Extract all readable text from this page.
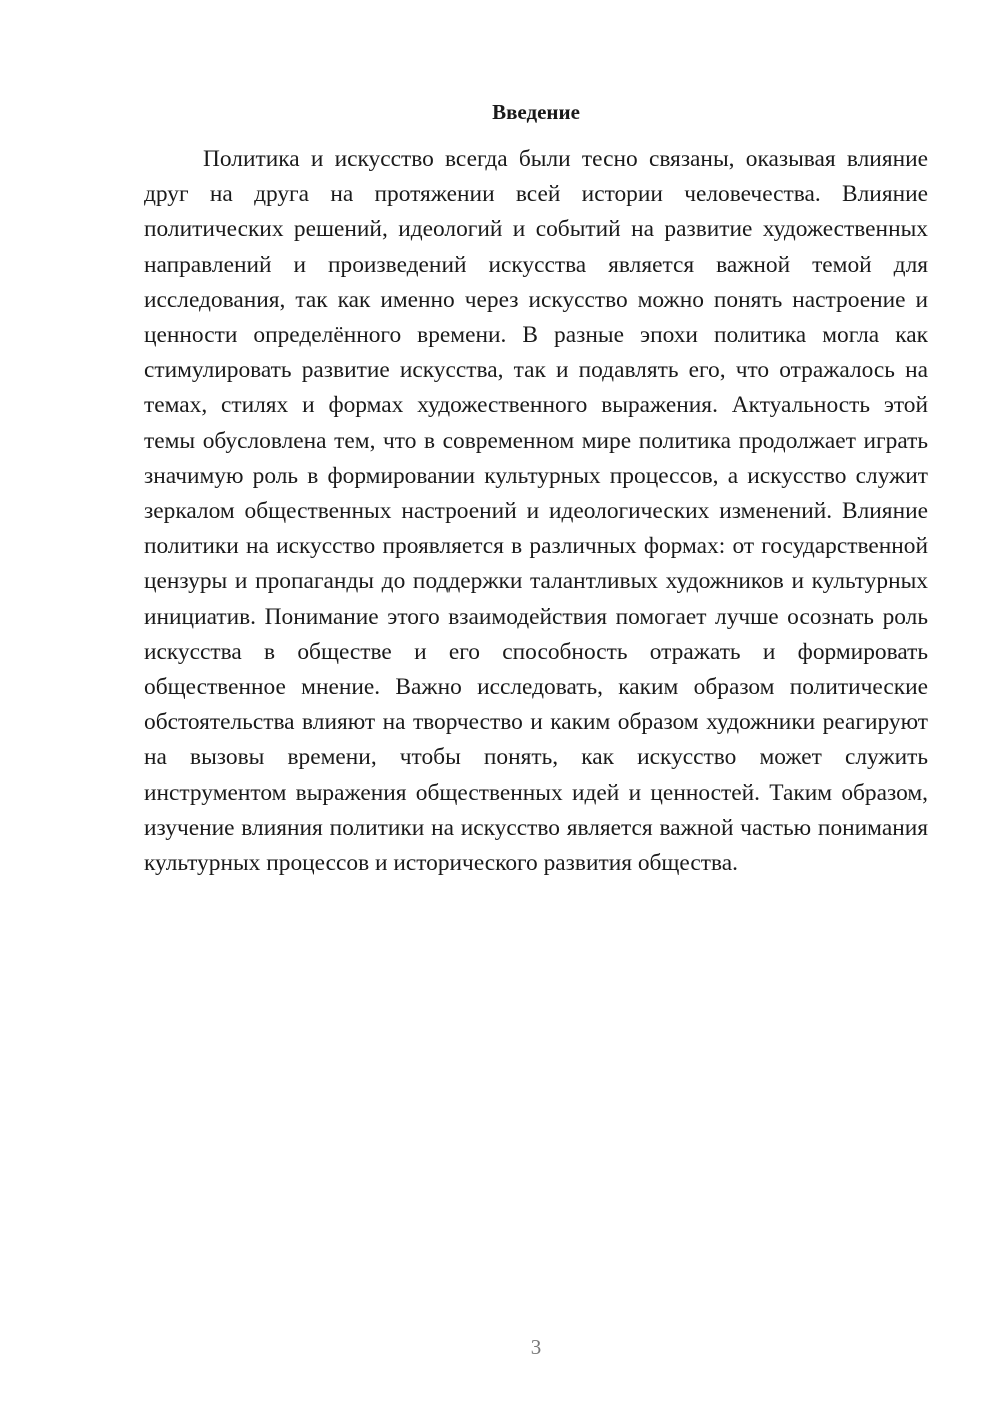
Введение

Политика и искусство всегда были тесно связаны, оказывая влияние друг на друга на протяжении всей истории человечества. Влияние политических решений, идеологий и событий на развитие художественных направлений и произведений искусства является важной темой для исследования, так как именно через искусство можно понять настроение и ценности определённого времени. В разные эпохи политика могла как стимулировать развитие искусства, так и подавлять его, что отражалось на темах, стилях и формах художественного выражения. Актуальность этой темы обусловлена тем, что в современном мире политика продолжает играть значимую роль в формировании культурных процессов, а искусство служит зеркалом общественных настроений и идеологических изменений. Влияние политики на искусство проявляется в различных формах: от государственной цензуры и пропаганды до поддержки талантливых художников и культурных инициатив. Понимание этого взаимодействия помогает лучше осознать роль искусства в обществе и его способность отражать и формировать общественное мнение. Важно исследовать, каким образом политические обстоятельства влияют на творчество и каким образом художники реагируют на вызовы времени, чтобы понять, как искусство может служить инструментом выражения общественных идей и ценностей. Таким образом, изучение влияния политики на искусство является важной частью понимания культурных процессов и исторического развития общества.

3
